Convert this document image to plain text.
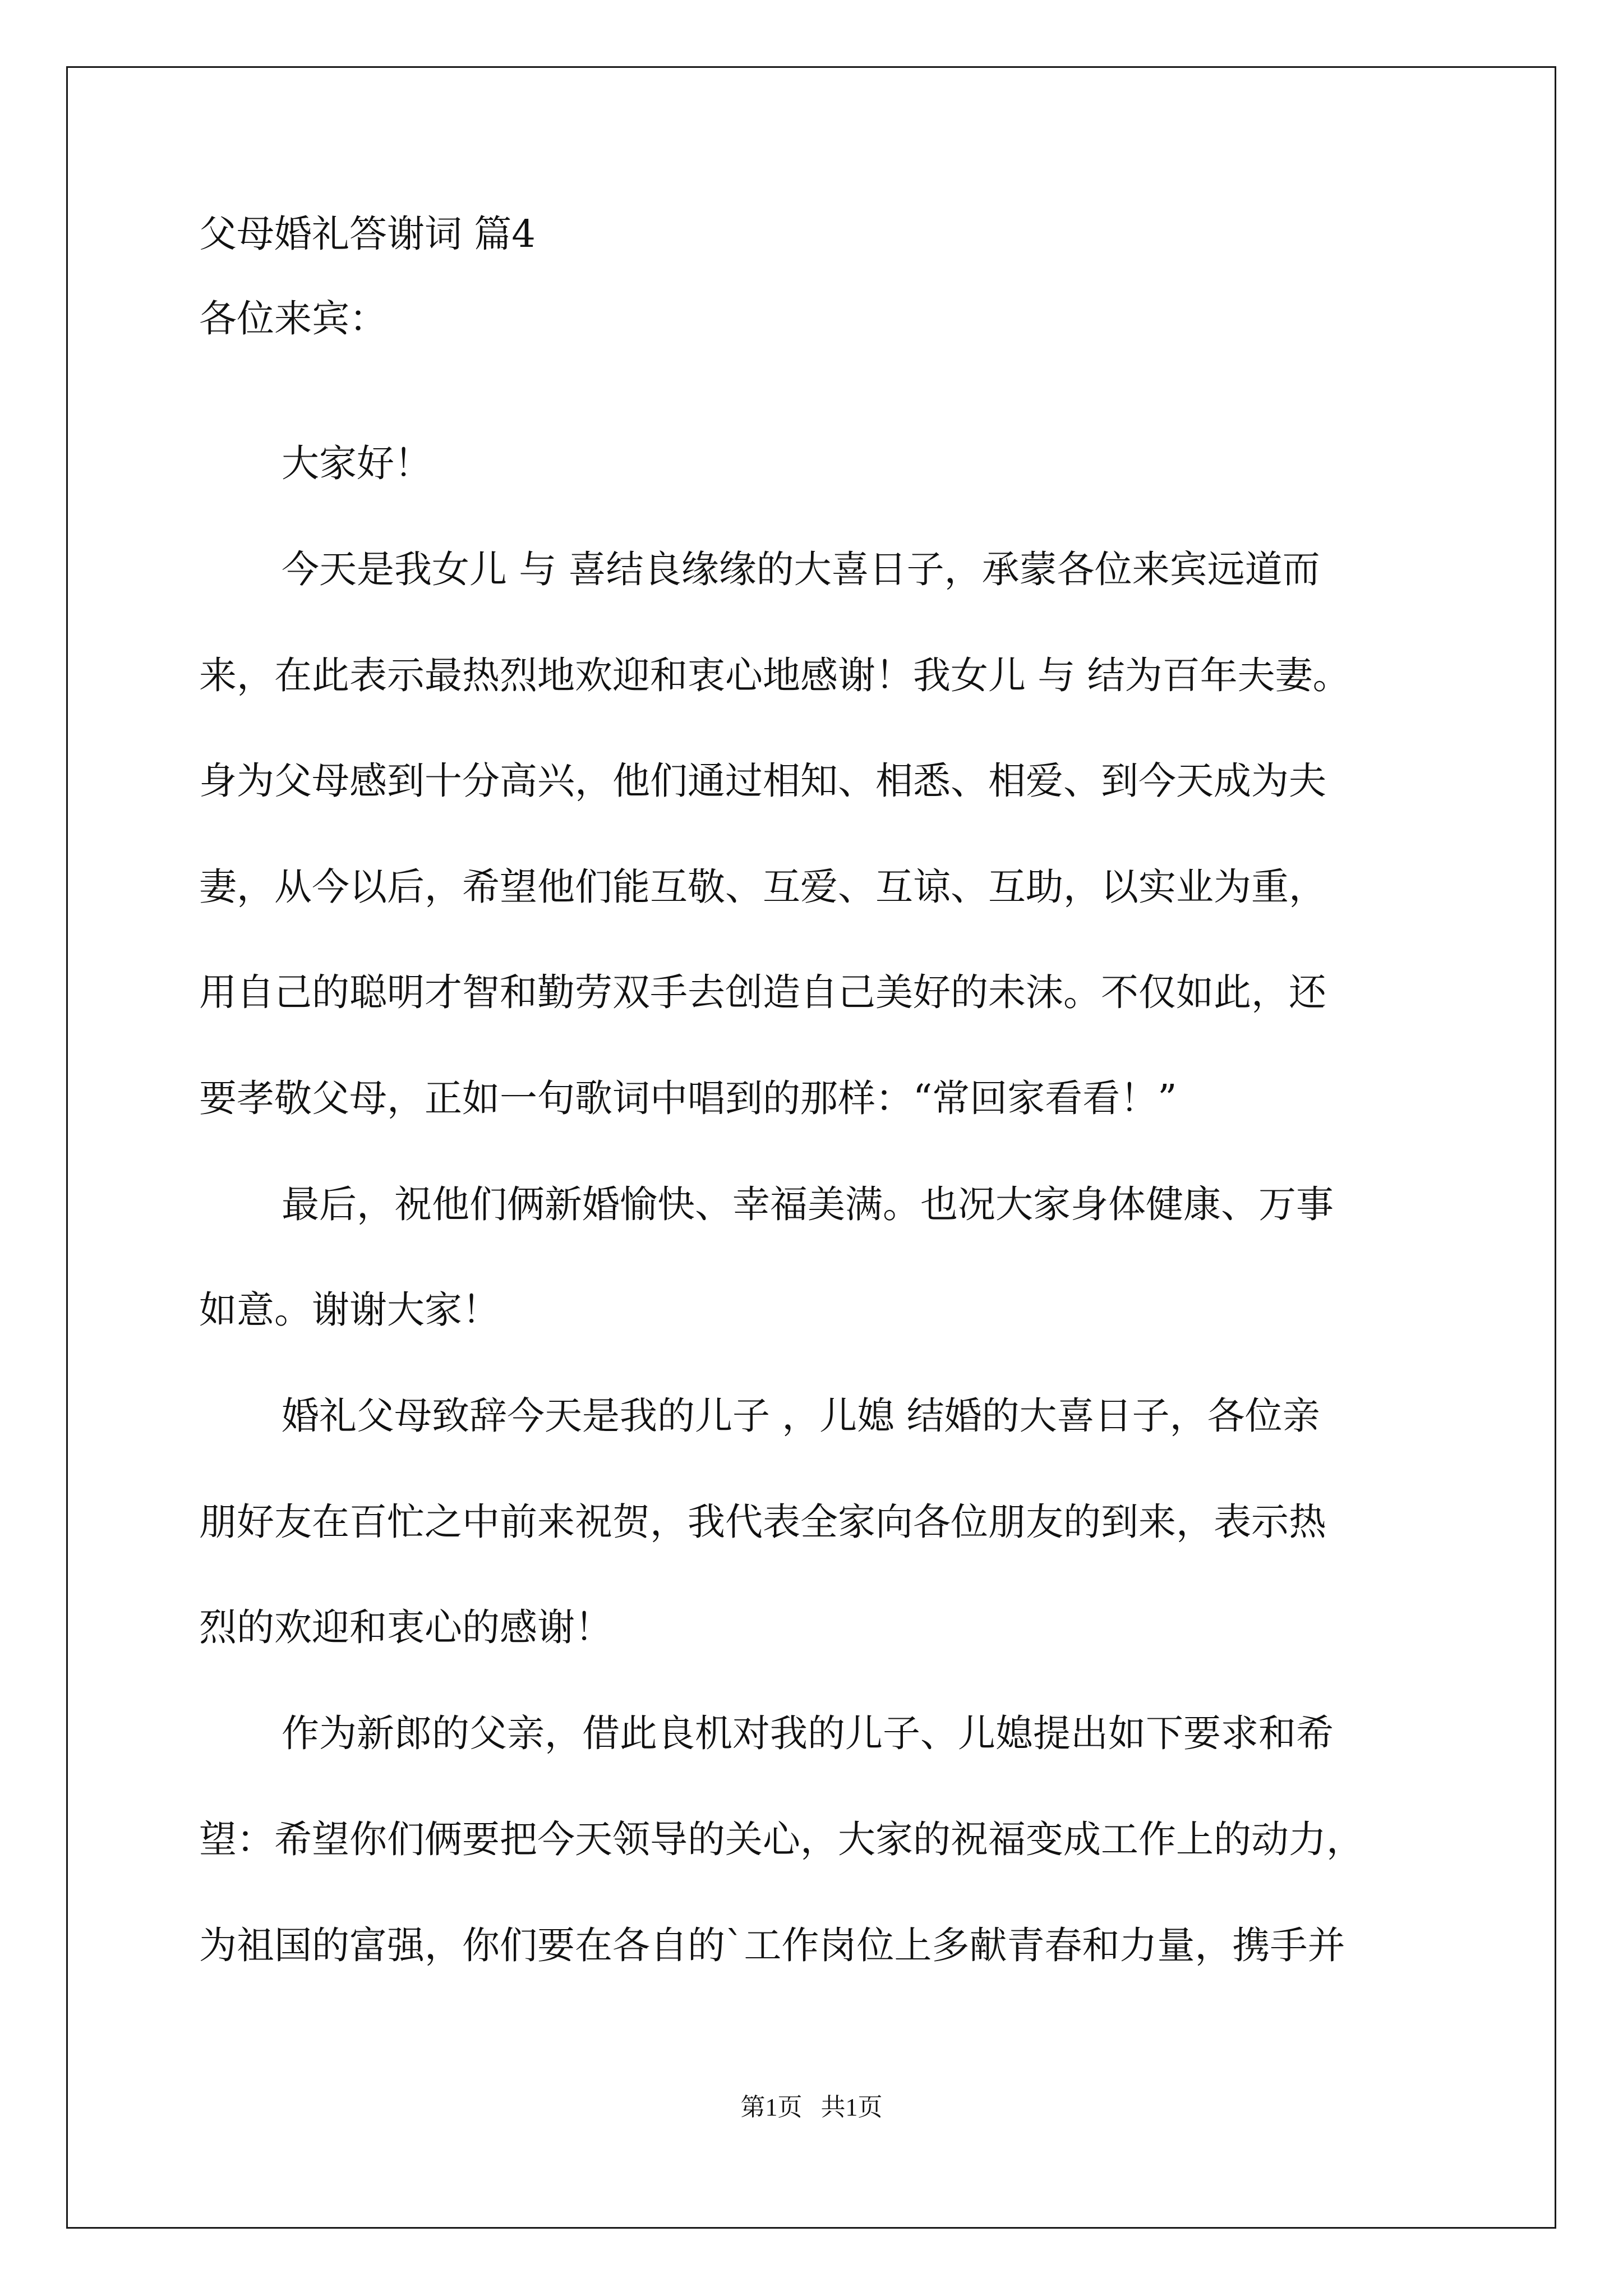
父母婚礼答谢词 篇4

各位来宾：

大家好！

今天是我女儿 与 喜结良缘缘的大喜日子，承蒙各位来宾远道而

来，在此表示最热烈地欢迎和衷心地感谢！我女儿 与 结为百年夫妻。

身为父母感到十分高兴，他们通过相知、相悉、相爱、到今天成为夫

妻，从今以后，希望他们能互敬、互爱、互谅、互助，以实业为重，

用自己的聪明才智和勤劳双手去创造自己美好的未沫。不仅如此，还

要孝敬父母，正如一句歌词中唱到的那样：“常回家看看！”

最后，祝他们俩新婚愉快、幸福美满。也况大家身体健康、万事

如意。谢谢大家！

婚礼父母致辞今天是我的儿子 ，儿媳 结婚的大喜日子，各位亲

朋好友在百忙之中前来祝贺，我代表全家向各位朋友的到来，表示热

烈的欢迎和衷心的感谢！

作为新郎的父亲，借此良机对我的儿子、儿媳提出如下要求和希

望：希望你们俩要把今天领导的关心，大家的祝福变成工作上的动力，

为祖国的富强，你们要在各自的`工作岗位上多献青春和力量，携手并

第1页   共1页
